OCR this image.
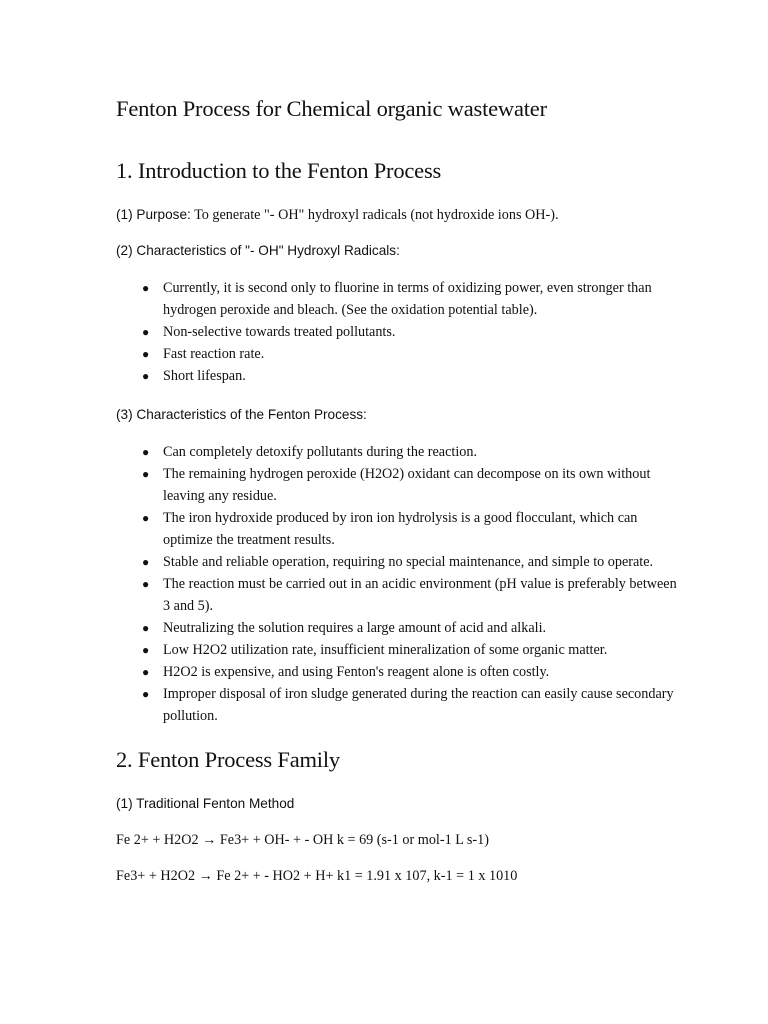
Fenton Process for Chemical organic wastewater
1. Introduction to the Fenton Process

(1) Purpose: To generate "- OH" hydroxyl radicals (not hydroxide ions OH-).

(2) Characteristics of "- OH" Hydroxyl Radicals:

● Currently, it is second only to fluorine in terms of oxidizing power, even stronger than hydrogen peroxide and bleach. (See the oxidation potential table).
● Non-selective towards treated pollutants.
● Fast reaction rate.
● Short lifespan.

(3) Characteristics of the Fenton Process:

● Can completely detoxify pollutants during the reaction.
● The remaining hydrogen peroxide (H2O2) oxidant can decompose on its own without leaving any residue.
● The iron hydroxide produced by iron ion hydrolysis is a good flocculant, which can optimize the treatment results.
● Stable and reliable operation, requiring no special maintenance, and simple to operate.
● The reaction must be carried out in an acidic environment (pH value is preferably between 3 and 5).
● Neutralizing the solution requires a large amount of acid and alkali.
● Low H2O2 utilization rate, insufficient mineralization of some organic matter.
● H2O2 is expensive, and using Fenton's reagent alone is often costly.
● Improper disposal of iron sludge generated during the reaction can easily cause secondary pollution.
2. Fenton Process Family

(1) Traditional Fenton Method

Fe 2+ + H2O2 → Fe3+ + OH- + - OH k = 69 (s-1 or mol-1 L s-1)

Fe3+ + H2O2 → Fe 2+ + - HO2 + H+ k1 = 1.91 x 107, k-1 = 1 x 1010
